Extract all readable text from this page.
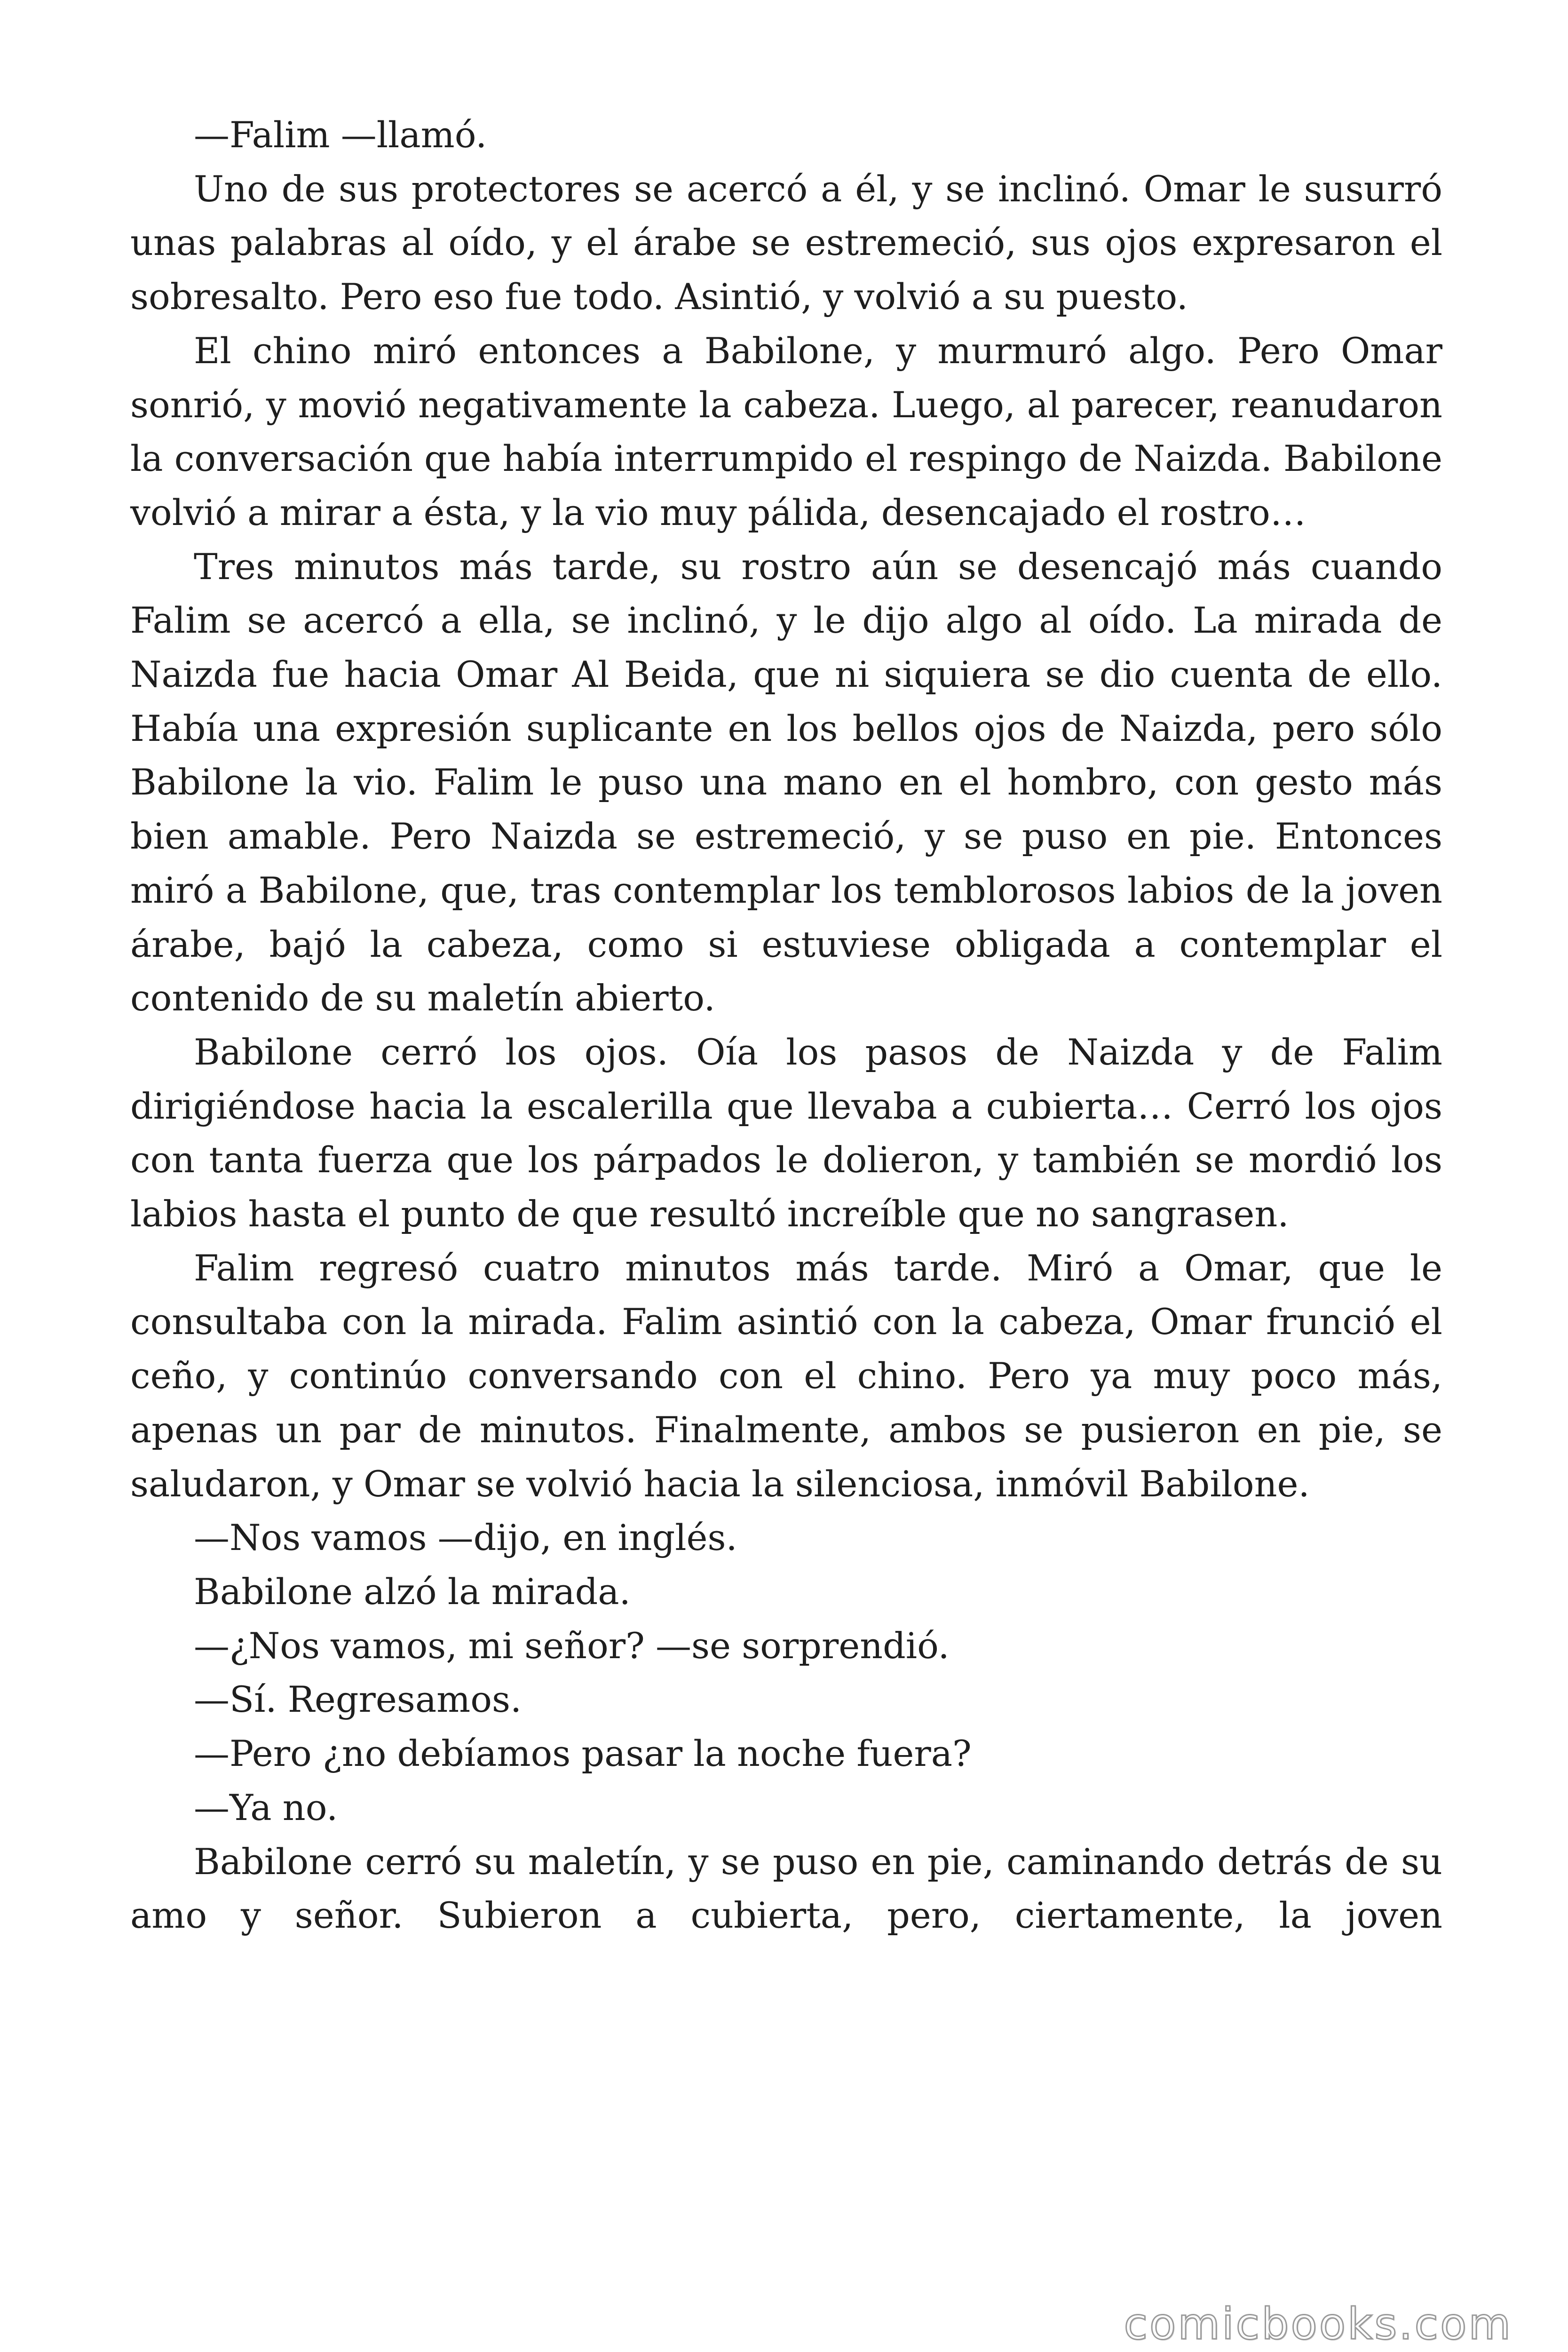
—Falim —llamó.

Uno de sus protectores se acercó a él, y se inclinó. Omar le susurró unas palabras al oído, y el árabe se estremeció, sus ojos expresaron el sobresalto. Pero eso fue todo. Asintió, y volvió a su puesto.

El chino miró entonces a Babilone, y murmuró algo. Pero Omar sonrió, y movió negativamente la cabeza. Luego, al parecer, reanudaron la conversación que había interrumpido el respingo de Naizda. Babilone volvió a mirar a ésta, y la vio muy pálida, desencajado el rostro…

Tres minutos más tarde, su rostro aún se desencajó más cuando Falim se acercó a ella, se inclinó, y le dijo algo al oído. La mirada de Naizda fue hacia Omar Al Beida, que ni siquiera se dio cuenta de ello. Había una expresión suplicante en los bellos ojos de Naizda, pero sólo Babilone la vio. Falim le puso una mano en el hombro, con gesto más bien amable. Pero Naizda se estremeció, y se puso en pie. Entonces miró a Babilone, que, tras contemplar los temblorosos labios de la joven árabe, bajó la cabeza, como si estuviese obligada a contemplar el contenido de su maletín abierto.

Babilone cerró los ojos. Oía los pasos de Naizda y de Falim dirigiéndose hacia la escalerilla que llevaba a cubierta… Cerró los ojos con tanta fuerza que los párpados le dolieron, y también se mordió los labios hasta el punto de que resultó increíble que no sangrasen.

Falim regresó cuatro minutos más tarde. Miró a Omar, que le consultaba con la mirada. Falim asintió con la cabeza, Omar frunció el ceño, y continúo conversando con el chino. Pero ya muy poco más, apenas un par de minutos. Finalmente, ambos se pusieron en pie, se saludaron, y Omar se volvió hacia la silenciosa, inmóvil Babilone.

—Nos vamos —dijo, en inglés.

Babilone alzó la mirada.

—¿Nos vamos, mi señor? —se sorprendió.

—Sí. Regresamos.

—Pero ¿no debíamos pasar la noche fuera?

—Ya no.

Babilone cerró su maletín, y se puso en pie, caminando detrás de su amo y señor. Subieron a cubierta, pero, ciertamente, la joven

comicbooks.com
